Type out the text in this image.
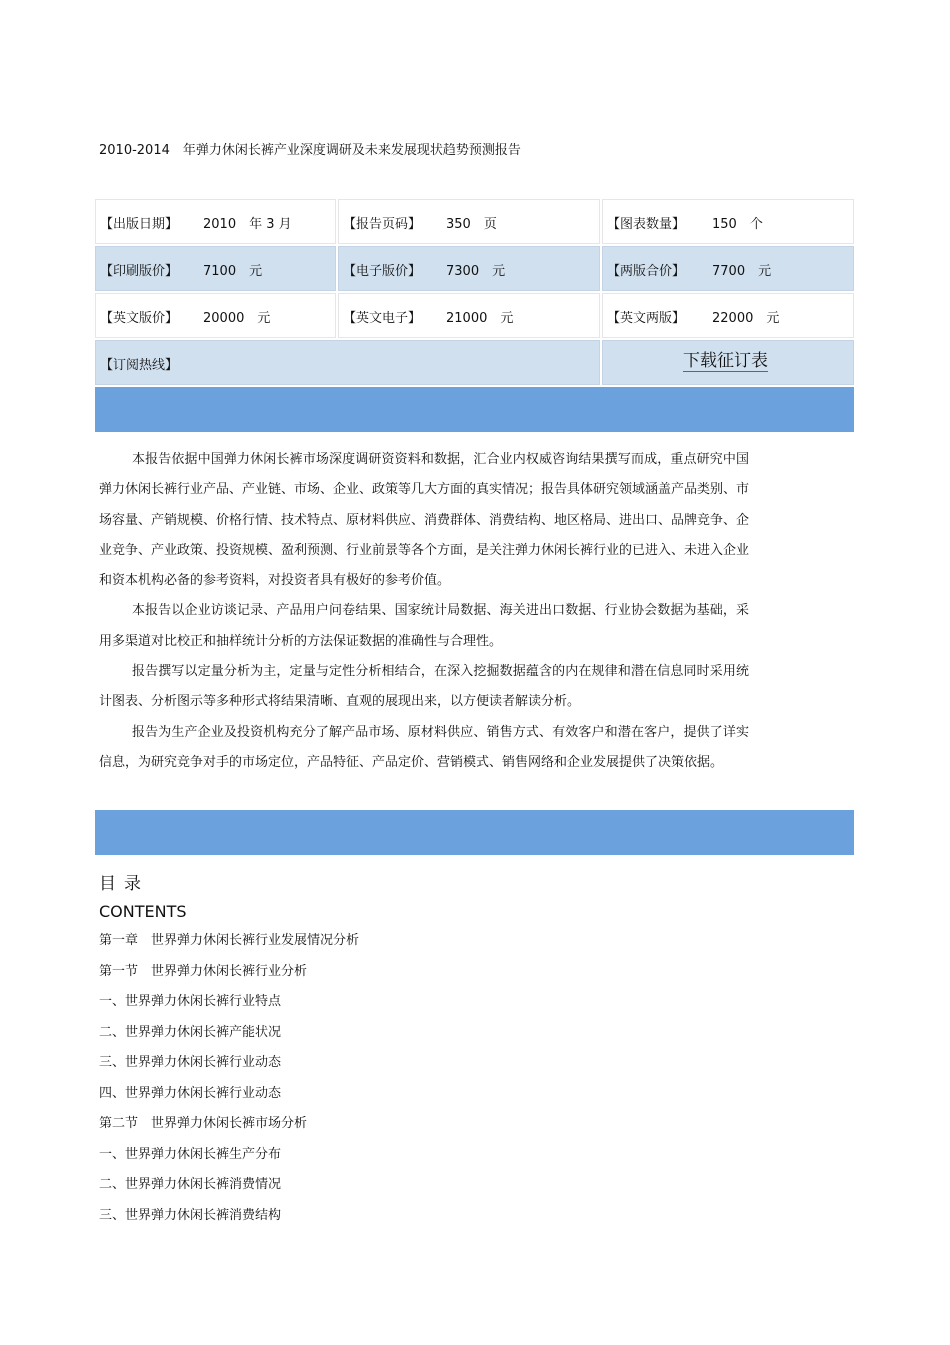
2010-2014　年弹力休闲长裤产业深度调研及未来发展现状趋势预测报告
【出版日期】 2010　年 3 月	【报告页码】 350　页	【图表数量】 150　个
【印刷版价】 7100　元	【电子版价】 7300　元	【两版合价】 7700　元
【英文版价】 20000　元	【英文电子】 21000　元	【英文两版】 22000　元
【订阅热线】	下载征订表

本报告依据中国弹力休闲长裤市场深度调研资资料和数据，汇合业内权威咨询结果撰写而成，重点研究中国弹力休闲长裤行业产品、产业链、市场、企业、政策等几大方面的真实情况；报告具体研究领域涵盖产品类别、市场容量、产销规模、价格行情、技术特点、原材料供应、消费群体、消费结构、地区格局、进出口、品牌竞争、企业竞争、产业政策、投资规模、盈利预测、行业前景等各个方面，是关注弹力休闲长裤行业的已进入、未进入企业和资本机构必备的参考资料，对投资者具有极好的参考价值。

本报告以企业访谈记录、产品用户问卷结果、国家统计局数据、海关进出口数据、行业协会数据为基础，采用多渠道对比校正和抽样统计分析的方法保证数据的准确性与合理性。

报告撰写以定量分析为主，定量与定性分析相结合，在深入挖掘数据蕴含的内在规律和潜在信息同时采用统计图表、分析图示等多种形式将结果清晰、直观的展现出来，以方便读者解读分析。

报告为生产企业及投资机构充分了解产品市场、原材料供应、销售方式、有效客户和潜在客户，提供了详实信息，为研究竞争对手的市场定位，产品特征、产品定价、营销模式、销售网络和企业发展提供了决策依据。

目录
CONTENTS
第一章　世界弹力休闲长裤行业发展情况分析
第一节　世界弹力休闲长裤行业分析
一、世界弹力休闲长裤行业特点
二、世界弹力休闲长裤产能状况
三、世界弹力休闲长裤行业动态
四、世界弹力休闲长裤行业动态
第二节　世界弹力休闲长裤市场分析
一、世界弹力休闲长裤生产分布
二、世界弹力休闲长裤消费情况
三、世界弹力休闲长裤消费结构
